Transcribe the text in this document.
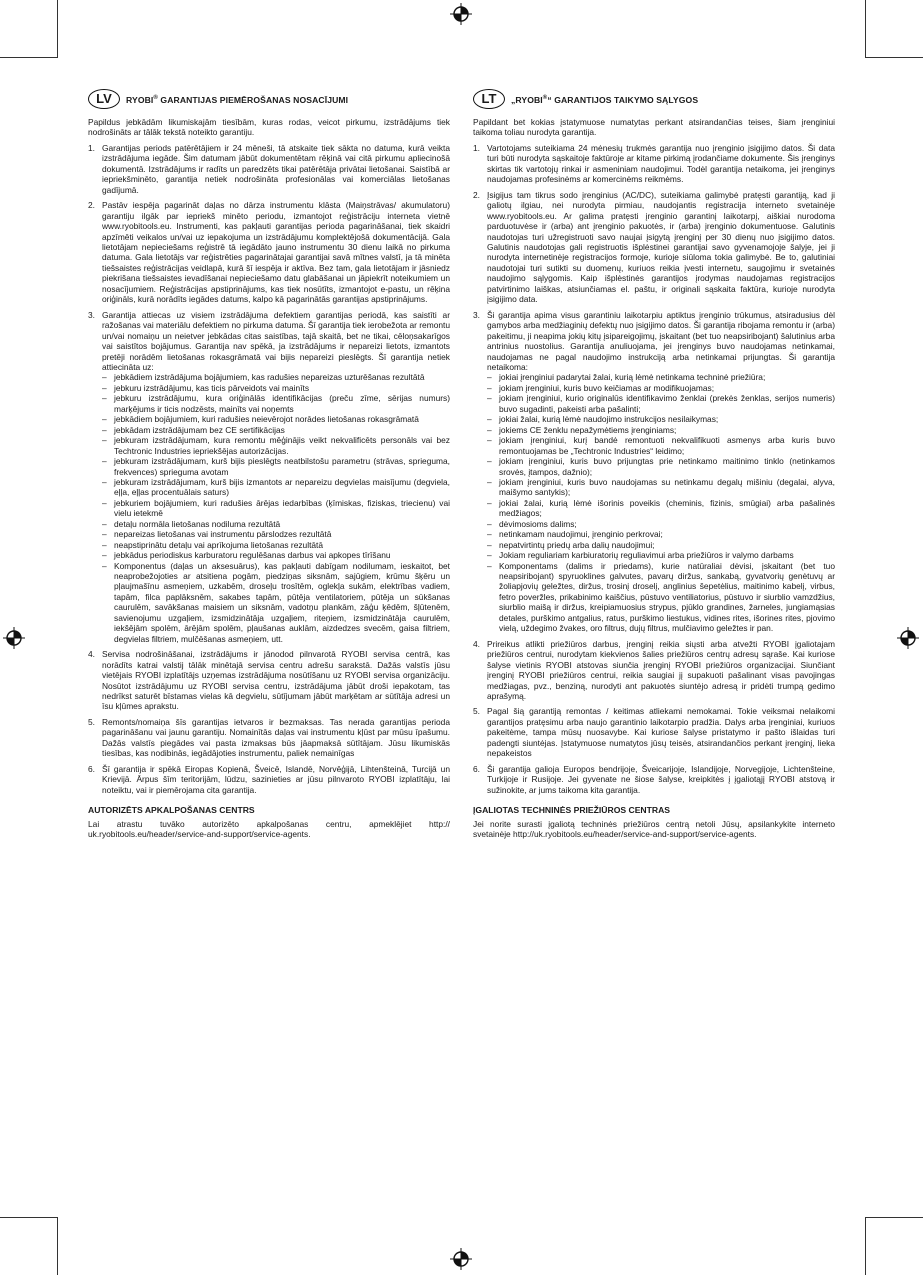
LV	RYOBI® GARANTIJAS PIEMĒROŠANAS NOSACĪJUMI

Papildus jebkādām likumiskajām tiesībām, kuras rodas, veicot pirkumu, izstrādājums tiek nodrošināts ar tālāk tekstā noteikto garantiju.

1. Garantijas periods patērētājiem ir 24 mēneši, tā atskaite tiek sākta no datuma, kurā veikta izstrādājuma iegāde. Šim datumam jābūt dokumentētam rēķinā vai citā pirkumu apliecinošā dokumentā. Izstrādājums ir radīts un paredzēts tikai patērētāja privātai lietošanai. Saistībā ar iepriekšminēto, garantija netiek nodrošināta profesionālas vai komerciālas lietošanas gadījumā.
2. Pastāv iespēja pagarināt daļas no dārza instrumentu klāsta (Maiņstrāvas/ akumulatoru) garantiju ilgāk par iepriekš minēto periodu, izmantojot reģistrāciju interneta vietnē www.ryobitools.eu. Instrumenti, kas pakļauti garantijas perioda pagarināšanai, tiek skaidri apzīmēti veikalos un/vai uz iepakojuma un izstrādājumu komplektējošā dokumentācijā. Gala lietotājam nepieciešams reģistrē tā iegādāto jauno instrumentu 30 dienu laikā no pirkuma datuma. Gala lietotājs var reģistrēties pagarinātajai garantijai savā mītnes valstī, ja tā minēta tiešsaistes reģistrācijas veidlapā, kurā šī iespēja ir aktīva. Bez tam, gala lietotājam ir jāsniedz piekrišana tiešsaistes ievadīšanai nepieciešamo datu glabāšanai un jāpiekrīt noteikumiem un nosacījumiem. Reģistrācijas apstiprinājums, kas tiek nosūtīts, izmantojot e-pastu, un rēķina oriģināls, kurā norādīts iegādes datums, kalpo kā pagarinātās garantijas apstiprinājums.
3. Garantija attiecas uz visiem izstrādājuma defektiem garantijas periodā, kas saistīti ar ražošanas vai materiālu defektiem no pirkuma datuma. Šī garantija tiek ierobežota ar remontu un/vai nomaiņu un neietver jebkādas citas saistības, tajā skaitā, bet ne tikai, cēloņsakarīgos vai saistītos bojājumus. Garantija nav spēkā, ja izstrādājums ir nepareizi lietots, izmantots pretēji norādēm lietošanas rokasgrāmatā vai bijis nepareizi pieslēgts. Šī garantija netiek attiecināta uz:
– jebkādiem izstrādājuma bojājumiem, kas radušies nepareizas uzturēšanas rezultātā
– jebkuru izstrādājumu, kas ticis pārveidots vai mainīts
– jebkuru izstrādājumu, kura oriģinālās identifikācijas (preču zīme, sērijas numurs) marķējums ir ticis nodzēsts, mainīts vai noņemts
– jebkādiem bojājumiem, kuri radušies neievērojot norādes lietošanas rokasgrāmatā
– jebkādam izstrādājumam bez CE sertifikācijas
– jebkuram izstrādājumam, kura remontu mēģinājis veikt nekvalificēts personāls vai bez Techtronic Industries iepriekšējas autorizācijas.
– jebkuram izstrādājumam, kurš bijis pieslēgts neatbilstošu parametru (strāvas, sprieguma, frekvences) sprieguma avotam
– jebkuram izstrādājumam, kurš bijis izmantots ar nepareizu degvielas maisījumu (degviela, eļļa, eļļas procentuālais saturs)
– jebkuriem bojājumiem, kuri radušies ārējas iedarbības (ķīmiskas, fiziskas, triecienu) vai vielu ietekmē
– detaļu normāla lietošanas nodiluma rezultātā
– nepareizas lietošanas vai instrumentu pārslodzes rezultātā
– neapstiprinātu detaļu vai aprīkojuma lietošanas rezultātā
– jebkādus periodiskus karburatoru regulēšanas darbus vai apkopes tīrīšanu
– Komponentus (daļas un aksesuārus), kas pakļauti dabīgam nodilumam, ieskaitot, bet neaprobežojoties ar atsitiena pogām, piedziņas siksnām, sajūgiem, krūmu šķēru un pļaujmašīnu asmeņiem, uzkabēm, droseļu trosītēm, oglekļa sukām, elektrības vadiem, tapām, filca paplāksnēm, sakabes tapām, pūtēja ventilatoriem, pūtēja un sūkšanas caurulēm, savākšanas maisiem un siksnām, vadotņu plankām, zāģu ķēdēm, šļūtenēm, savienojumu uzgaļiem, izsmidzinātāja uzgaļiem, riteņiem, izsmidzinātāja caurulēm, iekšējām spolēm, ārējām spolēm, pļaušanas auklām, aizdedzes svecēm, gaisa filtriem, degvielas filtriem, mulčēšanas asmeņiem, utt.
4. Servisa nodrošināšanai, izstrādājums ir jānodod pilnvarotā RYOBI servisa centrā, kas norādīts katrai valstij tālāk minētajā servisa centru adrešu sarakstā. Dažās valstīs jūsu vietējais RYOBI izplatītājs uzņemas izstrādājuma nosūtīšanu uz RYOBI servisa organizāciju. Nosūtot izstrādājumu uz RYOBI servisa centru, izstrādājuma jābūt droši iepakotam, tas nedrīkst saturēt bīstamas vielas kā degvielu, sūtījumam jābūt marķētam ar sūtītāja adresi un īsu kļūmes aprakstu.
5. Remonts/nomaiņa šīs garantijas ietvaros ir bezmaksas. Tas nerada garantijas perioda pagarināšanu vai jaunu garantiju. Nomainītās daļas vai instrumentu kļūst par mūsu īpašumu. Dažās valstīs piegādes vai pasta izmaksas būs jāapmaksā sūtītājam. Jūsu likumiskās tiesības, kas nodibinās, iegādājoties instrumentu, paliek nemainīgas
6. Šī garantija ir spēkā Eiropas Kopienā, Šveicē, Islandē, Norvēģijā, Lihtenšteinā, Turcijā un Krievijā. Ārpus šīm teritorijām, lūdzu, sazinieties ar jūsu pilnvaroto RYOBI izplatītāju, lai noteiktu, vai ir piemērojama cita garantija.
AUTORIZĒTS APKALPOŠANAS CENTRS

Lai atrastu tuvāko autorizēto apkalpošanas centru, apmeklējiet http:// uk.ryobitools.eu/header/service-and-support/service-agents.

LT	„RYOBI®“ GARANTIJOS TAIKYMO SĄLYGOS

Papildant bet kokias įstatymuose numatytas perkant atsirandančias teises, šiam įrenginiui taikoma toliau nurodyta garantija.

1. Vartotojams suteikiama 24 mėnesių trukmės garantija nuo įrenginio įsigijimo datos. Ši data turi būti nurodyta sąskaitoje faktūroje ar kitame pirkimą įrodančiame dokumente. Šis įrenginys skirtas tik vartotojų rinkai ir asmeniniam naudojimui. Todėl garantija netaikoma, jei įrenginys naudojamas profesinėms ar komercinėms reikmėms.
2. Įsigijus tam tikrus sodo įrenginius (AC/DC), suteikiama galimybė pratęsti garantiją, kad ji galiotų ilgiau, nei nurodyta pirmiau, naudojantis registracija interneto svetainėje www.ryobitools.eu. Ar galima pratęsti įrenginio garantinį laikotarpį, aiškiai nurodoma parduotuvėse ir (arba) ant įrenginio pakuotės, ir (arba) įrenginio dokumentuose. Galutinis naudotojas turi užregistruoti savo naujai įsigytą įrenginį per 30 dienų nuo įsigijimo datos. Galutinis naudotojas gali registruotis išplėstinei garantijai savo gyvenamojoje šalyje, jei ji nurodyta internetinėje registracijos formoje, kurioje siūloma tokia galimybė. Be to, galutiniai naudotojai turi sutikti su duomenų, kuriuos reikia įvesti internetu, saugojimu ir svetainės naudojimo sąlygomis. Kaip išplėstinės garantijos įrodymas naudojamas registracijos patvirtinimo laiškas, atsiunčiamas el. paštu, ir originali sąskaita faktūra, kurioje nurodyta įsigijimo data.
3. Ši garantija apima visus garantiniu laikotarpiu aptiktus įrenginio trūkumus, atsiradusius dėl gamybos arba medžiaginių defektų nuo įsigijimo datos. Ši garantija ribojama remontu ir (arba) pakeitimu, ji neapima jokių kitų įsipareigojimų, įskaitant (bet tuo neapsiribojant) šalutinius arba antrinius nuostolius. Garantija anuliuojama, jei įrenginys buvo naudojamas netinkamai, naudojamas ne pagal naudojimo instrukciją arba netinkamai prijungtas. Ši garantija netaikoma:
– jokiai įrenginiui padarytai žalai, kurią lėmė netinkama techninė priežiūra;
– jokiam įrenginiui, kuris buvo keičiamas ar modifikuojamas;
– jokiam įrenginiui, kurio originalūs identifikavimo ženklai (prekės ženklas, serijos numeris) buvo sugadinti, pakeisti arba pašalinti;
– jokiai žalai, kurią lėmė naudojimo instrukcijos nesilaikymas;
– jokiems CE ženklu nepažymėtiems įrenginiams;
– jokiam įrenginiui, kurį bandė remontuoti nekvalifikuoti asmenys arba kuris buvo remontuojamas be „Techtronic Industries“ leidimo;
– jokiam įrenginiui, kuris buvo prijungtas prie netinkamo maitinimo tinklo (netinkamos srovės, įtampos, dažnio);
– jokiam įrenginiui, kuris buvo naudojamas su netinkamu degalų mišiniu (degalai, alyva, maišymo santykis);
– jokiai žalai, kurią lėmė išorinis poveikis (cheminis, fizinis, smūgiai) arba pašalinės medžiagos;
– dėvimosioms dalims;
– netinkamam naudojimui, įrenginio perkrovai;
– nepatvirtintų priedų arba dalių naudojimui;
– Jokiam reguliariam karbiuratorių reguliavimui arba priežiūros ir valymo darbams
– Komponentams (dalims ir priedams), kurie natūraliai dėvisi, įskaitant (bet tuo neapsiribojant) spyruoklines galvutes, pavarų diržus, sankabą, gyvatvorių genėtuvų ar žoliapjovių geležtes, diržus, trosinį droselį, anglinius šepetėlius, maitinimo kabelį, virbus, fetro poveržles, prikabinimo kaiščius, pūstuvo ventiliatorius, pūstuvo ir siurblio vamzdžius, siurblio maišą ir diržus, kreipiamuosius strypus, pjūklo grandines, žarneles, jungiamąsias detales, purškimo antgalius, ratus, purškimo liestukus, vidines rites, išorines rites, pjovimo vielą, uždegimo žvakes, oro filtrus, dujų filtrus, mulčiavimo geležtes ir pan.
4. Prireikus atlikti priežiūros darbus, įrenginį reikia siųsti arba atvežti RYOBI įgaliotajam priežiūros centrui, nurodytam kiekvienos šalies priežiūros centrų adresų sąraše. Kai kuriose šalyse vietinis RYOBI atstovas siunčia įrenginį RYOBI priežiūros organizacijai. Siunčiant įrenginį RYOBI priežiūros centrui, reikia saugiai jį supakuoti pašalinant visas pavojingas medžiagas, pvz., benziną, nurodyti ant pakuotės siuntėjo adresą ir pridėti trumpą gedimo aprašymą.
5. Pagal šią garantiją remontas / keitimas atliekami nemokamai. Tokie veiksmai nelaikomi garantijos pratęsimu arba naujo garantinio laikotarpio pradžia. Dalys arba įrenginiai, kuriuos pakeitėme, tampa mūsų nuosavybe. Kai kuriose šalyse pristatymo ir pašto išlaidas turi padengti siuntėjas. Įstatymuose numatytos jūsų teisės, atsirandančios perkant įrenginį, lieka nepakeistos
6. Ši garantija galioja Europos bendrijoje, Šveicarijoje, Islandijoje, Norvegijoje, Lichtenšteine, Turkijoje ir Rusijoje. Jei gyvenate ne šiose šalyse, kreipkitės į įgaliotąjį RYOBI atstovą ir sužinokite, ar jums taikoma kita garantija.
ĮGALIOTAS TECHNINĖS PRIEŽIŪROS CENTRAS

Jei norite surasti įgaliotą techninės priežiūros centrą netoli Jūsų, apsilankykite interneto svetainėje http://uk.ryobitools.eu/header/service-and-support/service-agents.
